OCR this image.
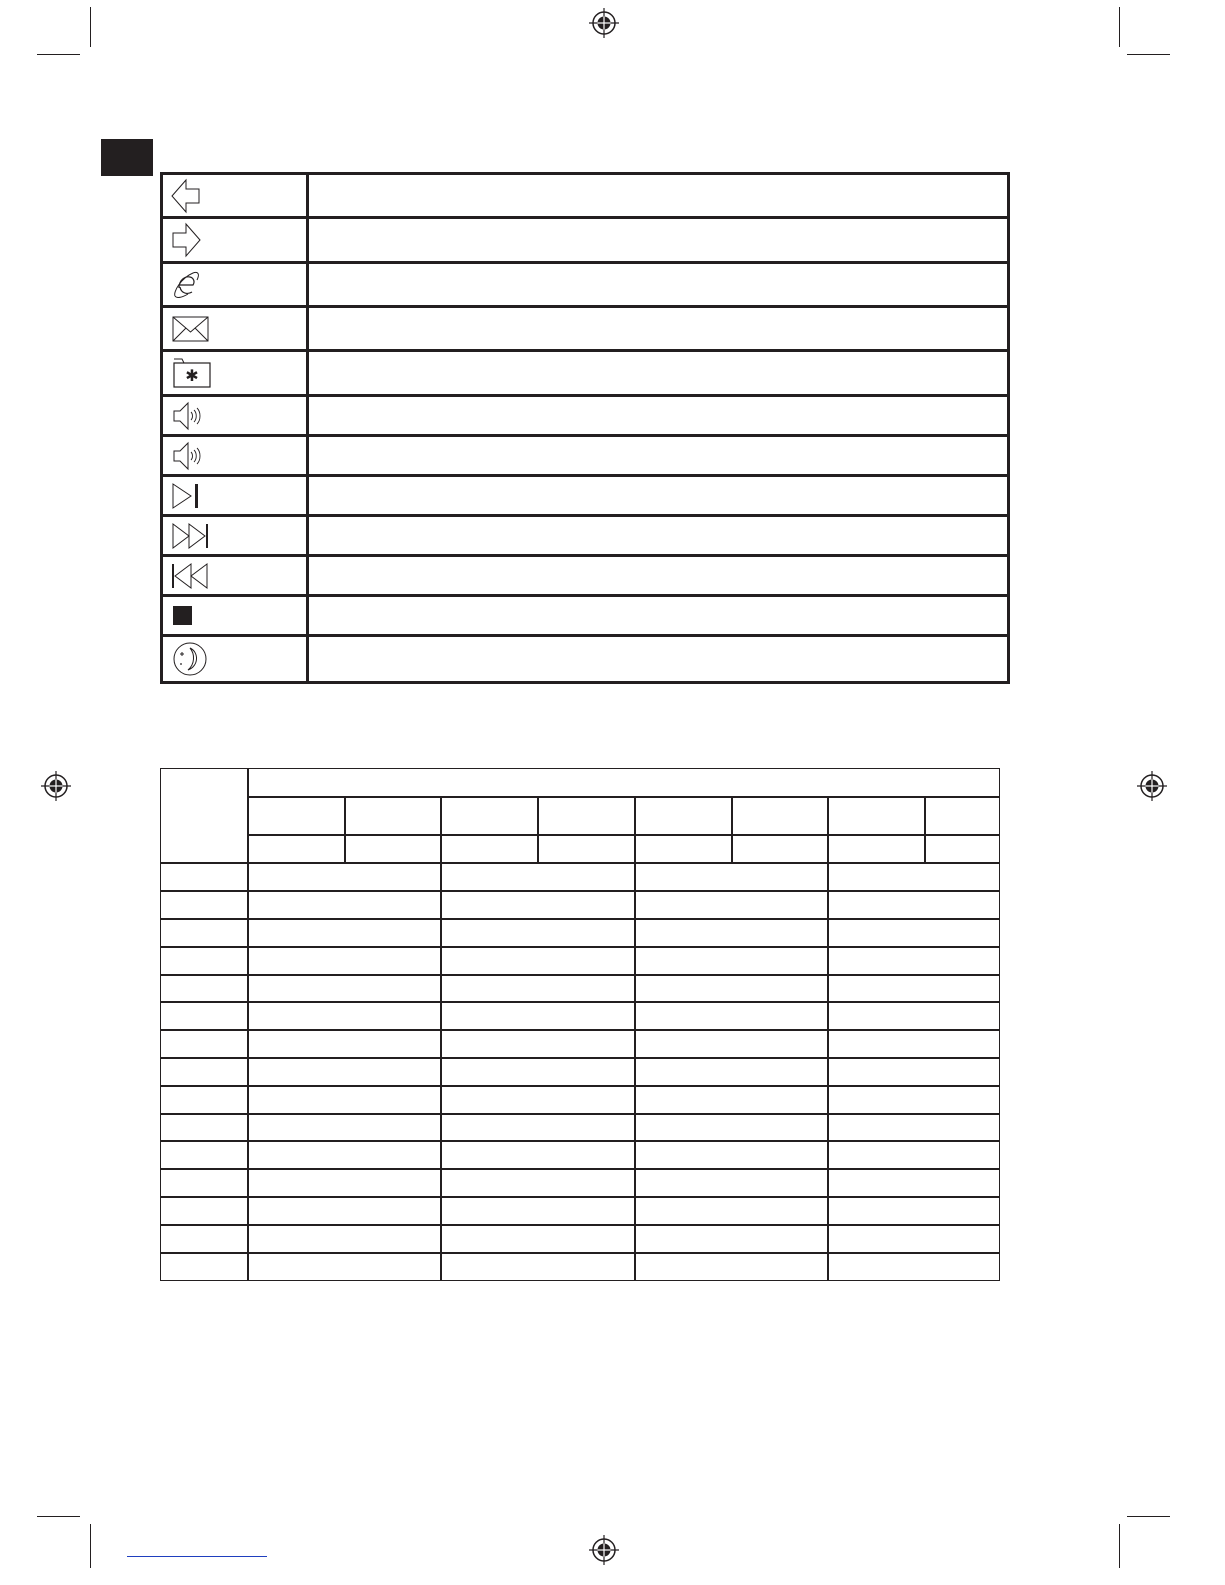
✱
